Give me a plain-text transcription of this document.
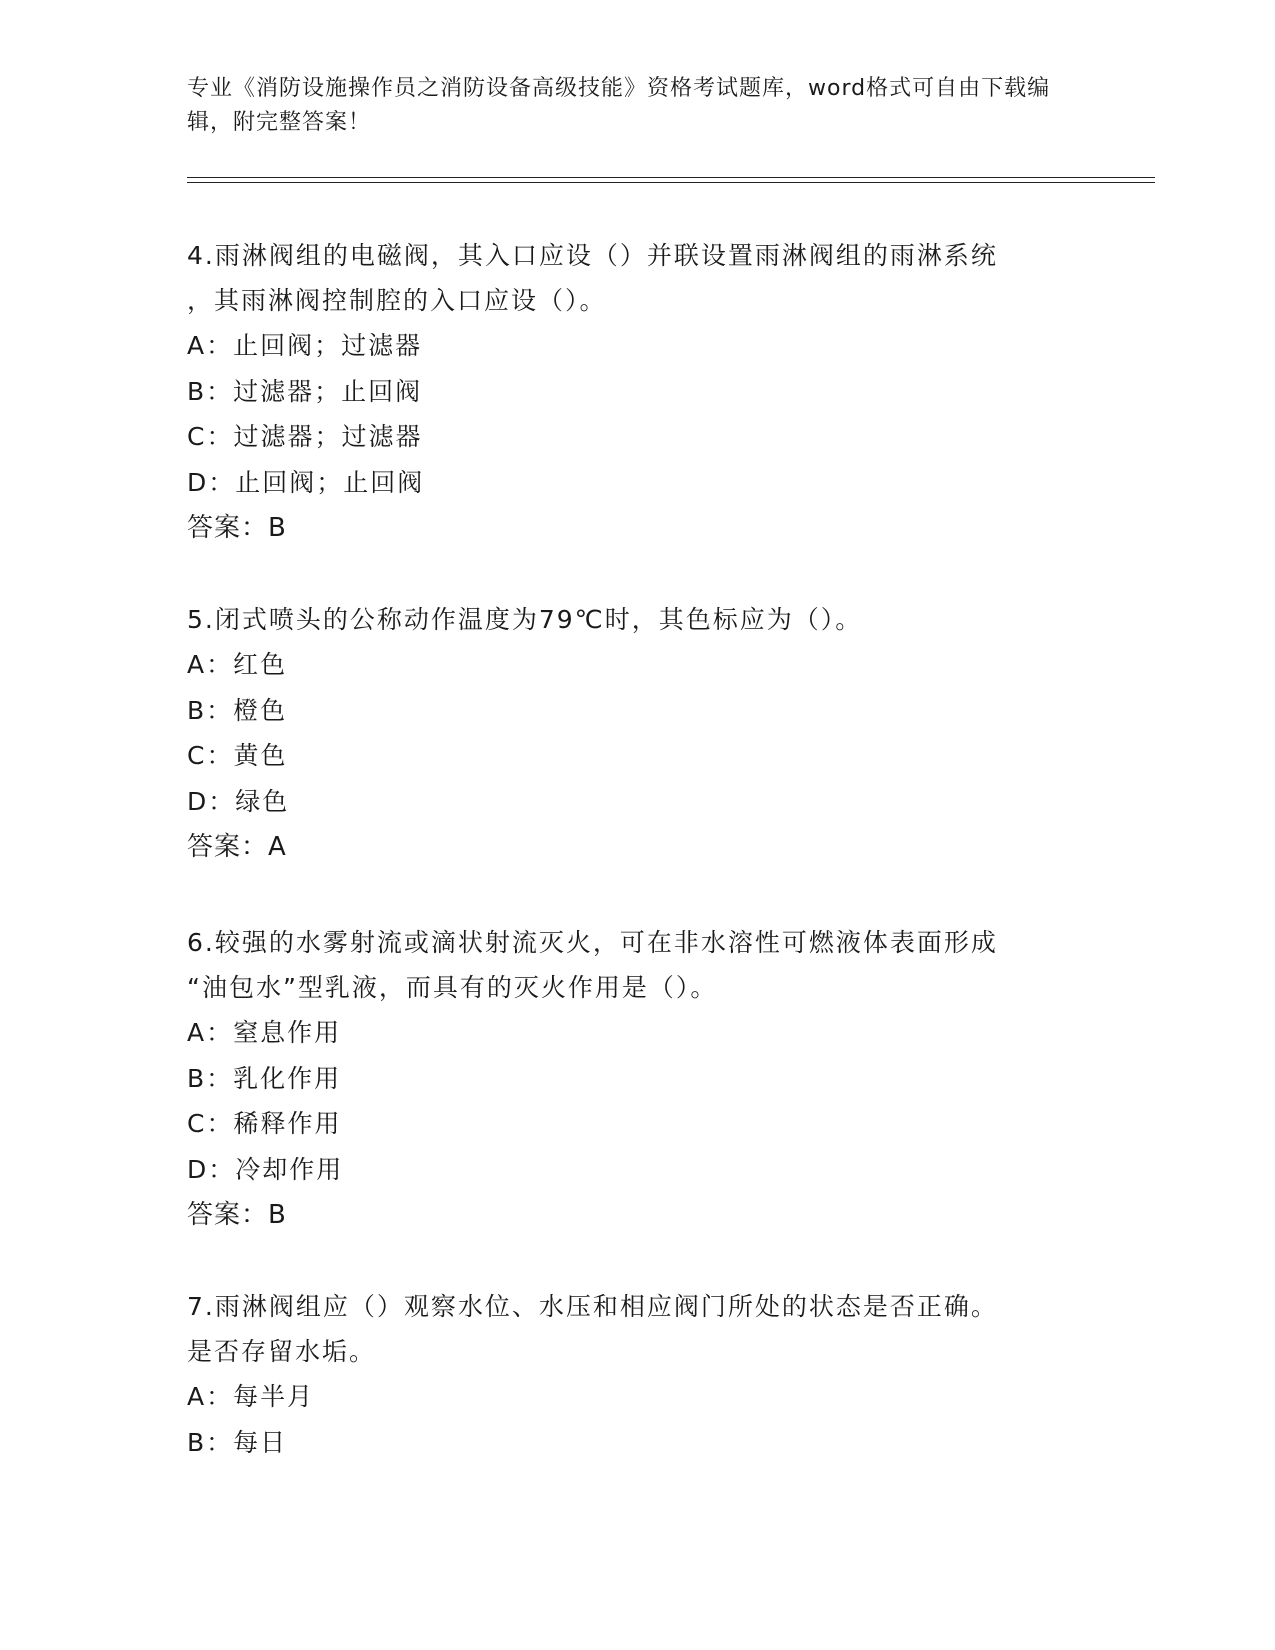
专业《消防设施操作员之消防设备高级技能》资格考试题库，word格式可自由下载编辑，附完整答案！
4.雨淋阀组的电磁阀，其入口应设（）并联设置雨淋阀组的雨淋系统
，其雨淋阀控制腔的入口应设（）。
A：止回阀；过滤器
B：过滤器；止回阀
C：过滤器；过滤器
D：止回阀；止回阀
答案：B
5.闭式喷头的公称动作温度为79℃时，其色标应为（）。
A：红色
B：橙色
C：黄色
D：绿色
答案：A
6.较强的水雾射流或滴状射流灭火，可在非水溶性可燃液体表面形成
“油包水”型乳液，而具有的灭火作用是（）。
A：窒息作用
B：乳化作用
C：稀释作用
D：冷却作用
答案：B
7.雨淋阀组应（）观察水位、水压和相应阀门所处的状态是否正确。
是否存留水垢。
A：每半月
B：每日
